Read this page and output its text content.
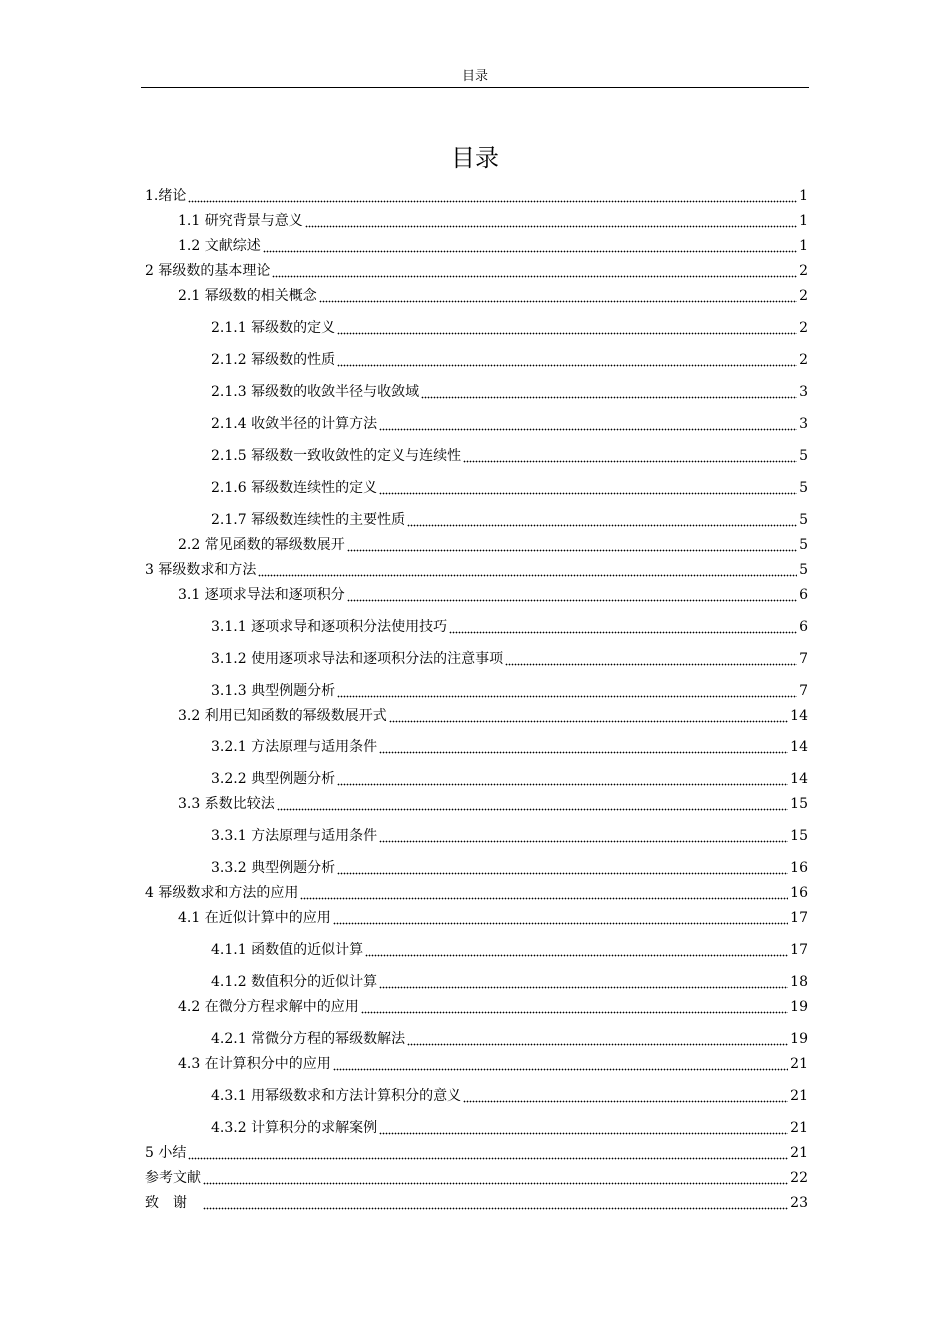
目录
目录
1.绪论	1
1.1 研究背景与意义	1
1.2 文献综述	1
2 幂级数的基本理论	2
2.1 幂级数的相关概念	2
2.1.1 幂级数的定义	2
2.1.2 幂级数的性质	2
2.1.3 幂级数的收敛半径与收敛域	3
2.1.4 收敛半径的计算方法	3
2.1.5 幂级数一致收敛性的定义与连续性	5
2.1.6 幂级数连续性的定义	5
2.1.7 幂级数连续性的主要性质	5
2.2 常见函数的幂级数展开	5
3 幂级数求和方法	5
3.1 逐项求导法和逐项积分	6
3.1.1 逐项求导和逐项积分法使用技巧	6
3.1.2 使用逐项求导法和逐项积分法的注意事项	7
3.1.3 典型例题分析	7
3.2 利用已知函数的幂级数展开式	14
3.2.1 方法原理与适用条件	14
3.2.2 典型例题分析	14
3.3 系数比较法	15
3.3.1 方法原理与适用条件	15
3.3.2 典型例题分析	16
4 幂级数求和方法的应用	16
4.1 在近似计算中的应用	17
4.1.1 函数值的近似计算	17
4.1.2 数值积分的近似计算	18
4.2 在微分方程求解中的应用	19
4.2.1 常微分方程的幂级数解法	19
4.3 在计算积分中的应用	21
4.3.1 用幂级数求和方法计算积分的意义	21
4.3.2 计算积分的求解案例	21
5 小结	21
参考文献	22
致谢	23
